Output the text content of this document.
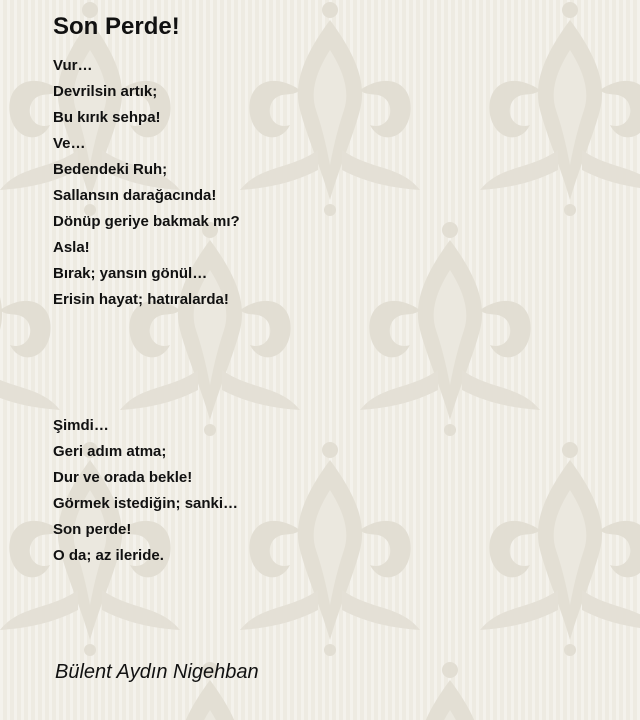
Son Perde!
Vur…
Devrilsin artık;
Bu kırık sehpa!
Ve…
Bedendeki Ruh;
Sallansın darağacında!
Dönüp geriye bakmak mı?
Asla!
Bırak; yansın gönül…
Erisin hayat; hatıralarda!
Şimdi…
Geri adım atma;
Dur ve orada bekle!
Görmek istediğin; sanki…
Son perde!
O da; az ileride.
Bülent Aydın Nigehban
